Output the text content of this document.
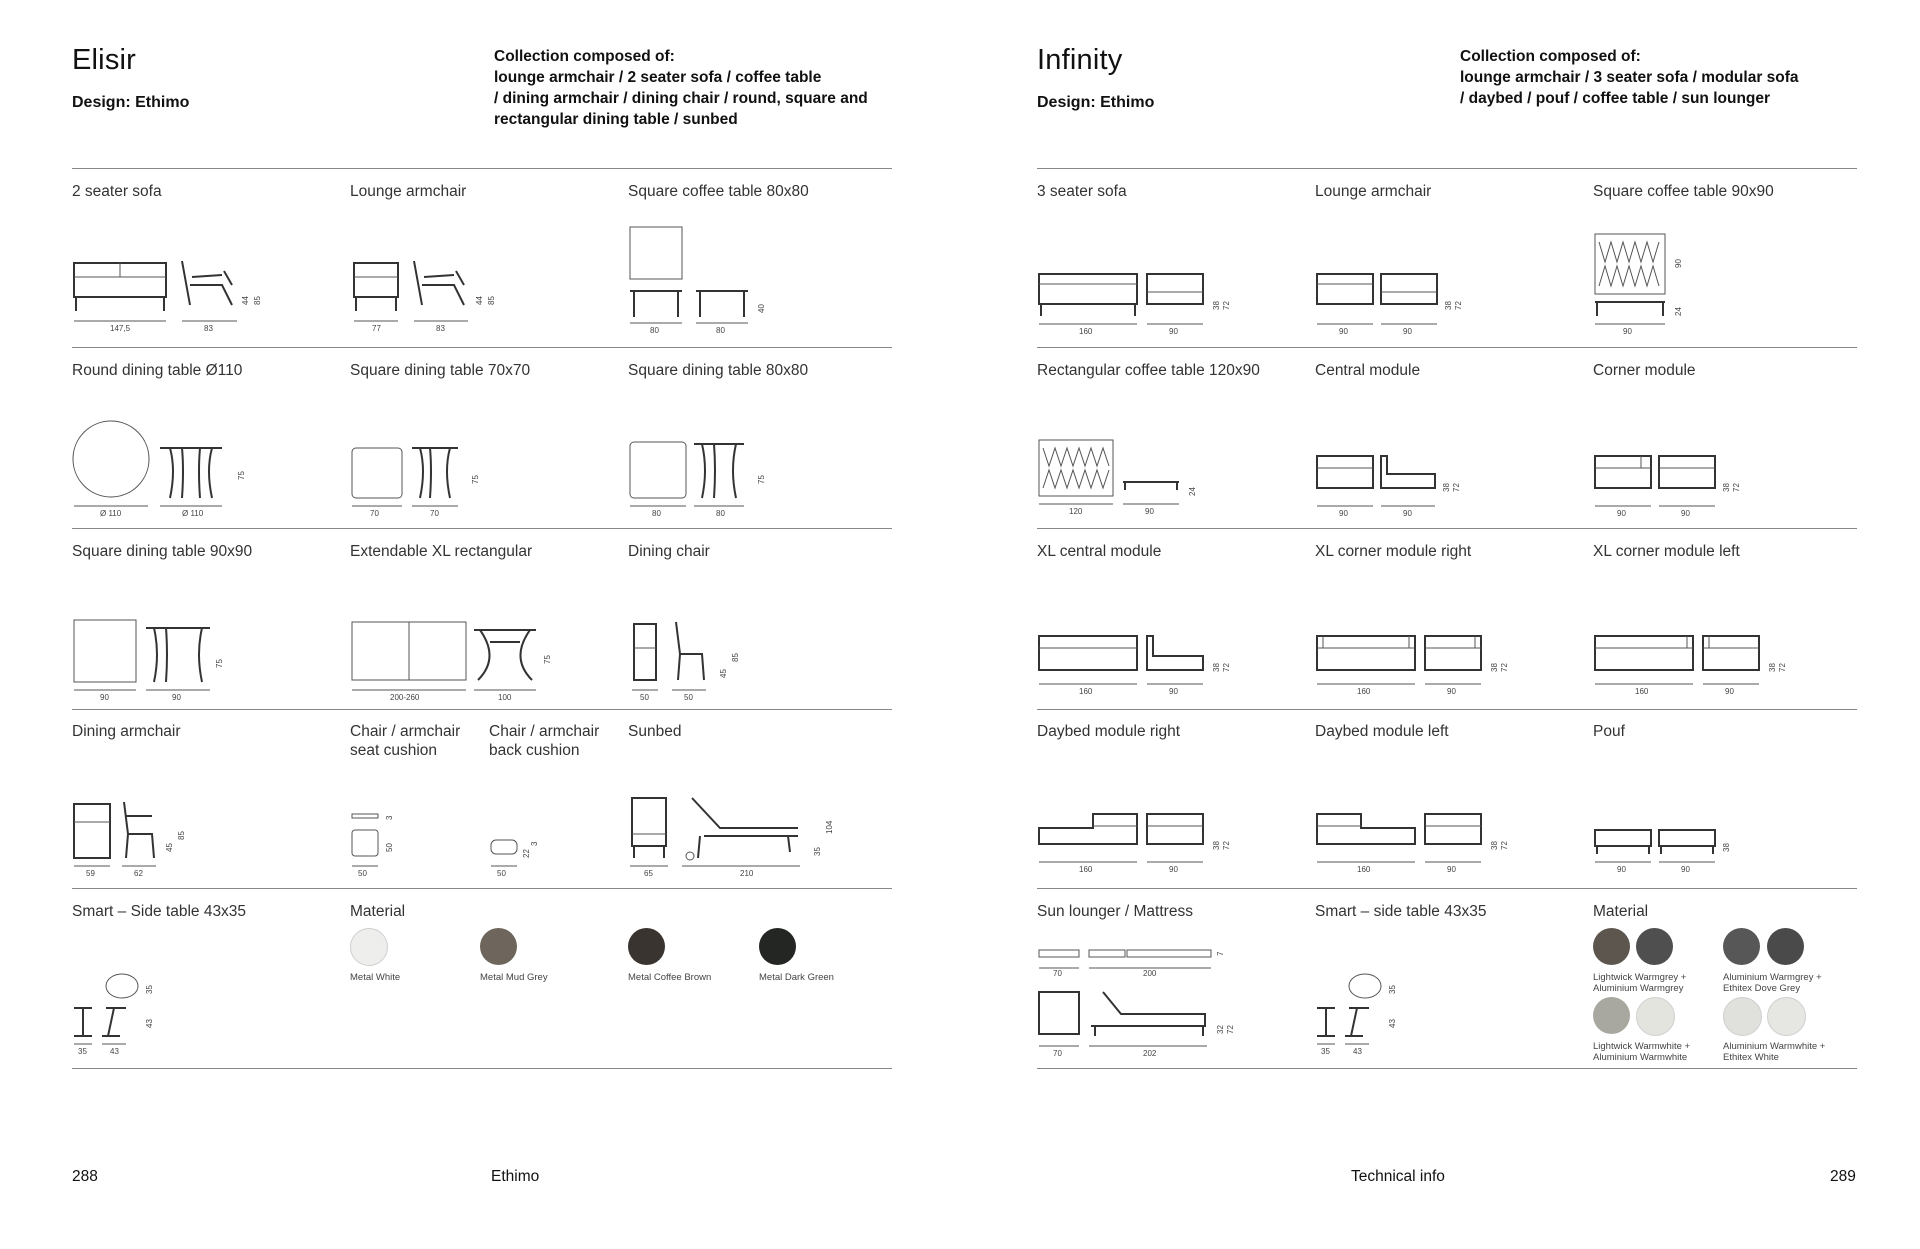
Elisir
Design: Ethimo
Collection composed of:
lounge armchair / 2 seater sofa / coffee table
/ dining armchair / dining chair / round, square and
rectangular dining table / sunbed
2 seater sofa
147,5	83
44 85
Lounge armchair
77	83
44 85
Square coffee table 80x80
80	80
40
Round dining table Ø110
Ø 110	Ø 110
75
Square dining table 70x70
70	70
75
Square dining table 80x80
80	80
75
Square dining table 90x90
90	90
75
Extendable XL rectangular
200-260	100
75
Dining chair
50	50
45
85
Dining armchair
59	62
45
85
Chair / armchair
seat cushion
50
50
3
Chair / armchair
back cushion
50
22
3
Sunbed
65	210
35
104
Smart – Side table 43x35
35	43
43
35
Material
Metal White	Metal Mud Grey	Metal Coffee Brown	Metal Dark Green
288	Ethimo
Infinity
Design: Ethimo
Collection composed of:
lounge armchair / 3 seater sofa / modular sofa
/ daybed / pouf / coffee table / sun lounger
3 seater sofa
160	90
38 72
Lounge armchair
90	90
38 72
Square coffee table 90x90
90
90
24
Rectangular coffee table 120x90
120	90
24
Central module
90	90
38 72
Corner module
90	90
38 72
XL central module
160	90
38 72
XL corner module right
160	90
38 72
XL corner module left
160	90
38 72
Daybed module right
160	90
38 72
Daybed module left
160	90
38 72
Pouf
90	90
38
Sun lounger / Mattress
70	200
7
70	202
32 72
Smart – side table 43x35
35	43
43
35
Material
Lightwick Warmgrey +
Aluminium Warmgrey
Aluminium Warmgrey +
Ethitex Dove Grey
Lightwick Warmwhite +
Aluminium Warmwhite
Aluminium Warmwhite +
Ethitex White
Technical info	289
